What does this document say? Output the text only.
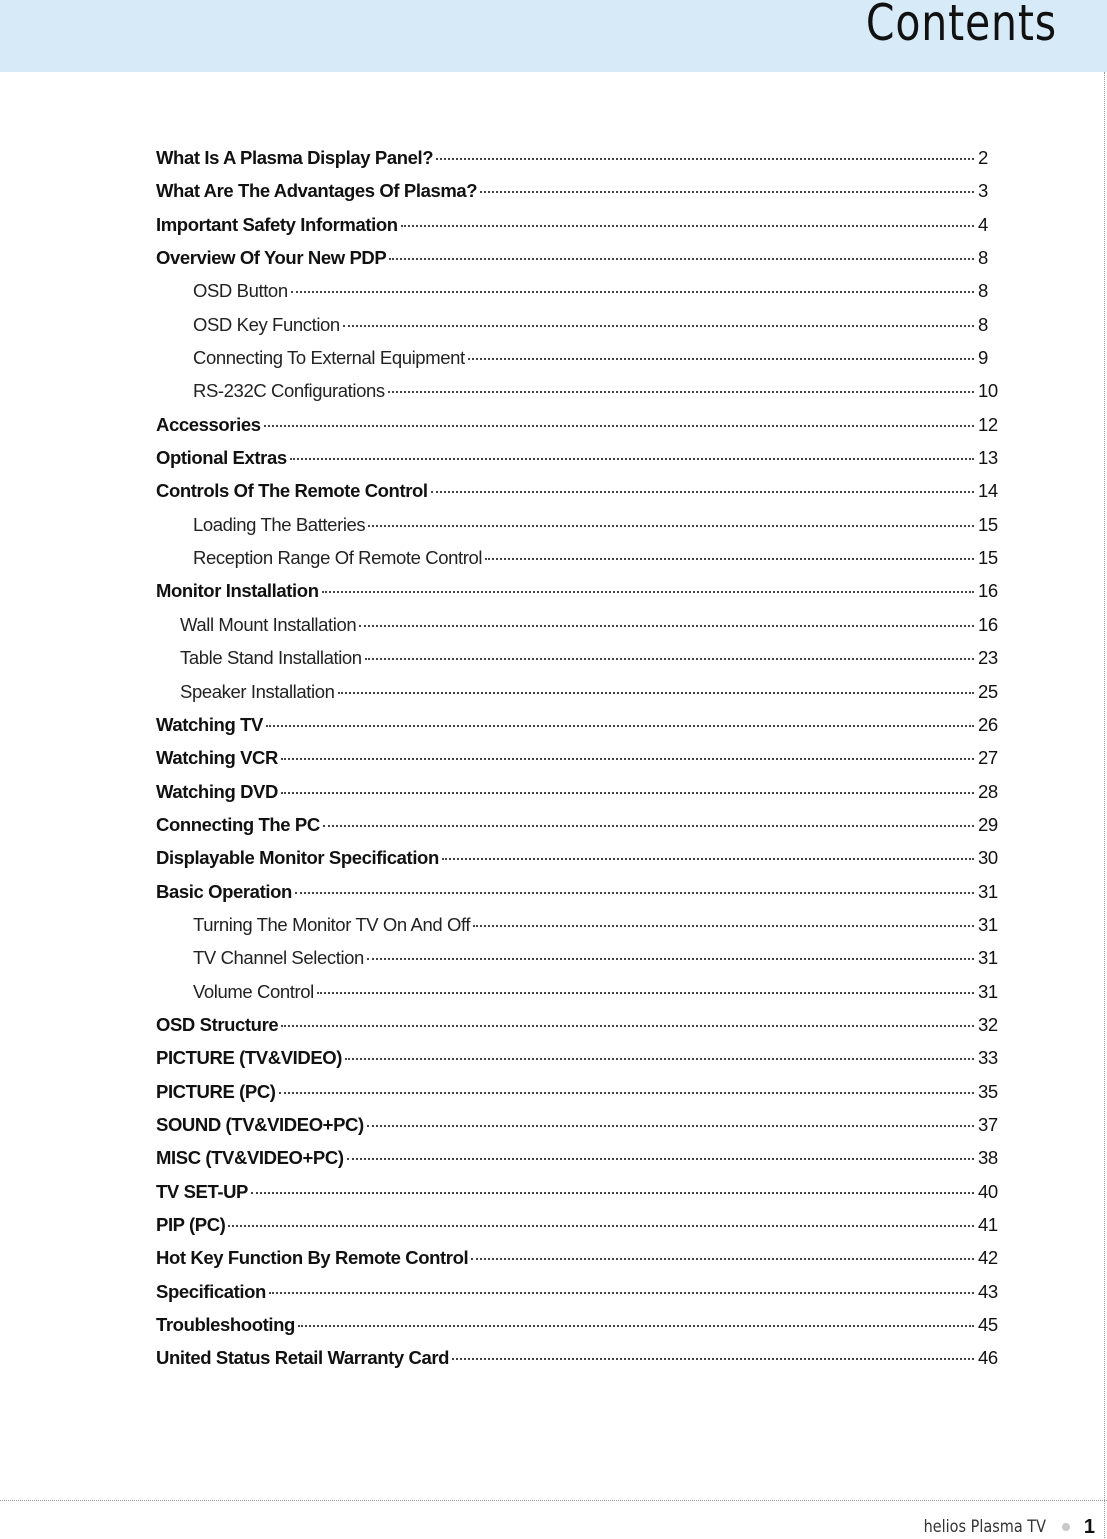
Contents
What Is A Plasma Display Panel?	2
What Are The Advantages Of Plasma?	3
Important Safety Information	4
Overview Of Your New PDP	8
OSD Button	8
OSD Key Function	8
Connecting To External Equipment	9
RS-232C Configurations	10
Accessories	12
Optional Extras	13
Controls Of The Remote Control	14
Loading The Batteries	15
Reception Range Of Remote Control	15
Monitor Installation	16
Wall Mount Installation	16
Table Stand Installation	23
Speaker Installation	25
Watching TV	26
Watching VCR	27
Watching DVD	28
Connecting The PC	29
Displayable Monitor Specification	30
Basic Operation	31
Turning The Monitor TV On And Off	31
TV Channel Selection	31
Volume Control	31
OSD Structure	32
PICTURE (TV&VIDEO)	33
PICTURE (PC)	35
SOUND (TV&VIDEO+PC)	37
MISC (TV&VIDEO+PC)	38
TV SET-UP	40
PIP (PC)	41
Hot Key Function By Remote Control	42
Specification	43
Troubleshooting	45
United Status Retail Warranty Card	46
helios Plasma TV 1
